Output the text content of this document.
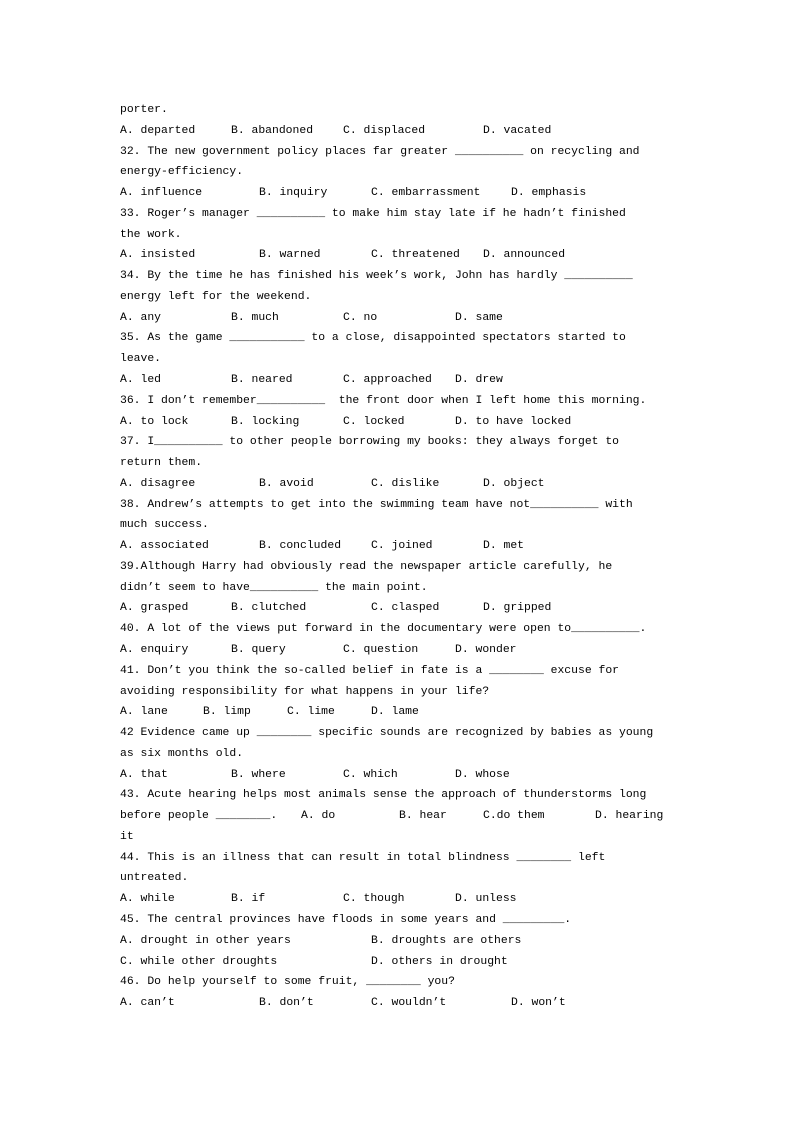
porter.
A. departed	B. abandoned	C. displaced	D. vacated
32. The new government policy places far greater __________ on recycling and
energy-efficiency.
A. influence	B. inquiry	C. embarrassment	D. emphasis
33. Roger’s manager __________ to make him stay late if he hadn’t finished
the work.
A. insisted	B. warned	C. threatened D. announced
34. By the time he has finished his week’s work, John has hardly __________
energy left for the weekend.
A. any	B. much	C. no	D. same
35. As the game ___________ to a close, disappointed spectators started to
leave.
A. led	B. neared	C. approached D. drew
36. I don’t remember__________  the front door when I left home this morning.
A. to lock	B. locking	C. locked	D. to have locked
37. I__________ to other people borrowing my books: they always forget to
return them.
A. disagree	B. avoid	C. dislike	D. object
38. Andrew’s attempts to get into the swimming team have not__________ with
much success.
A. associated	B. concluded	C. joined	D. met
39.Although Harry had obviously read the newspaper article carefully, he
didn’t seem to have__________ the main point.
A. grasped	B. clutched	C. clasped	D. gripped
40. A lot of the views put forward in the documentary were open to__________.
A. enquiry	B. query	C. question	D. wonder
41. Don’t you think the so-called belief in fate is a ________ excuse for
avoiding responsibility for what happens in your life?
A. lane	B. limp	C. lime	D. lame
42 Evidence came up ________ specific sounds are recognized by babies as young
as six months old.
A. that	B. where	C. which	D. whose
43. Acute hearing helps most animals sense the approach of thunderstorms long
before people ________. A. do	B. hear	C.do them	D. hearing
it
44. This is an illness that can result in total blindness ________ left
untreated.
A. while	B. if	C. though	D. unless
45. The central provinces have floods in some years and _________.
A. drought in other years	B. droughts are others
C. while other droughts	D. others in drought
46. Do help yourself to some fruit, ________ you?
A. can’t	B. don’t	C. wouldn’t	D. won’t
